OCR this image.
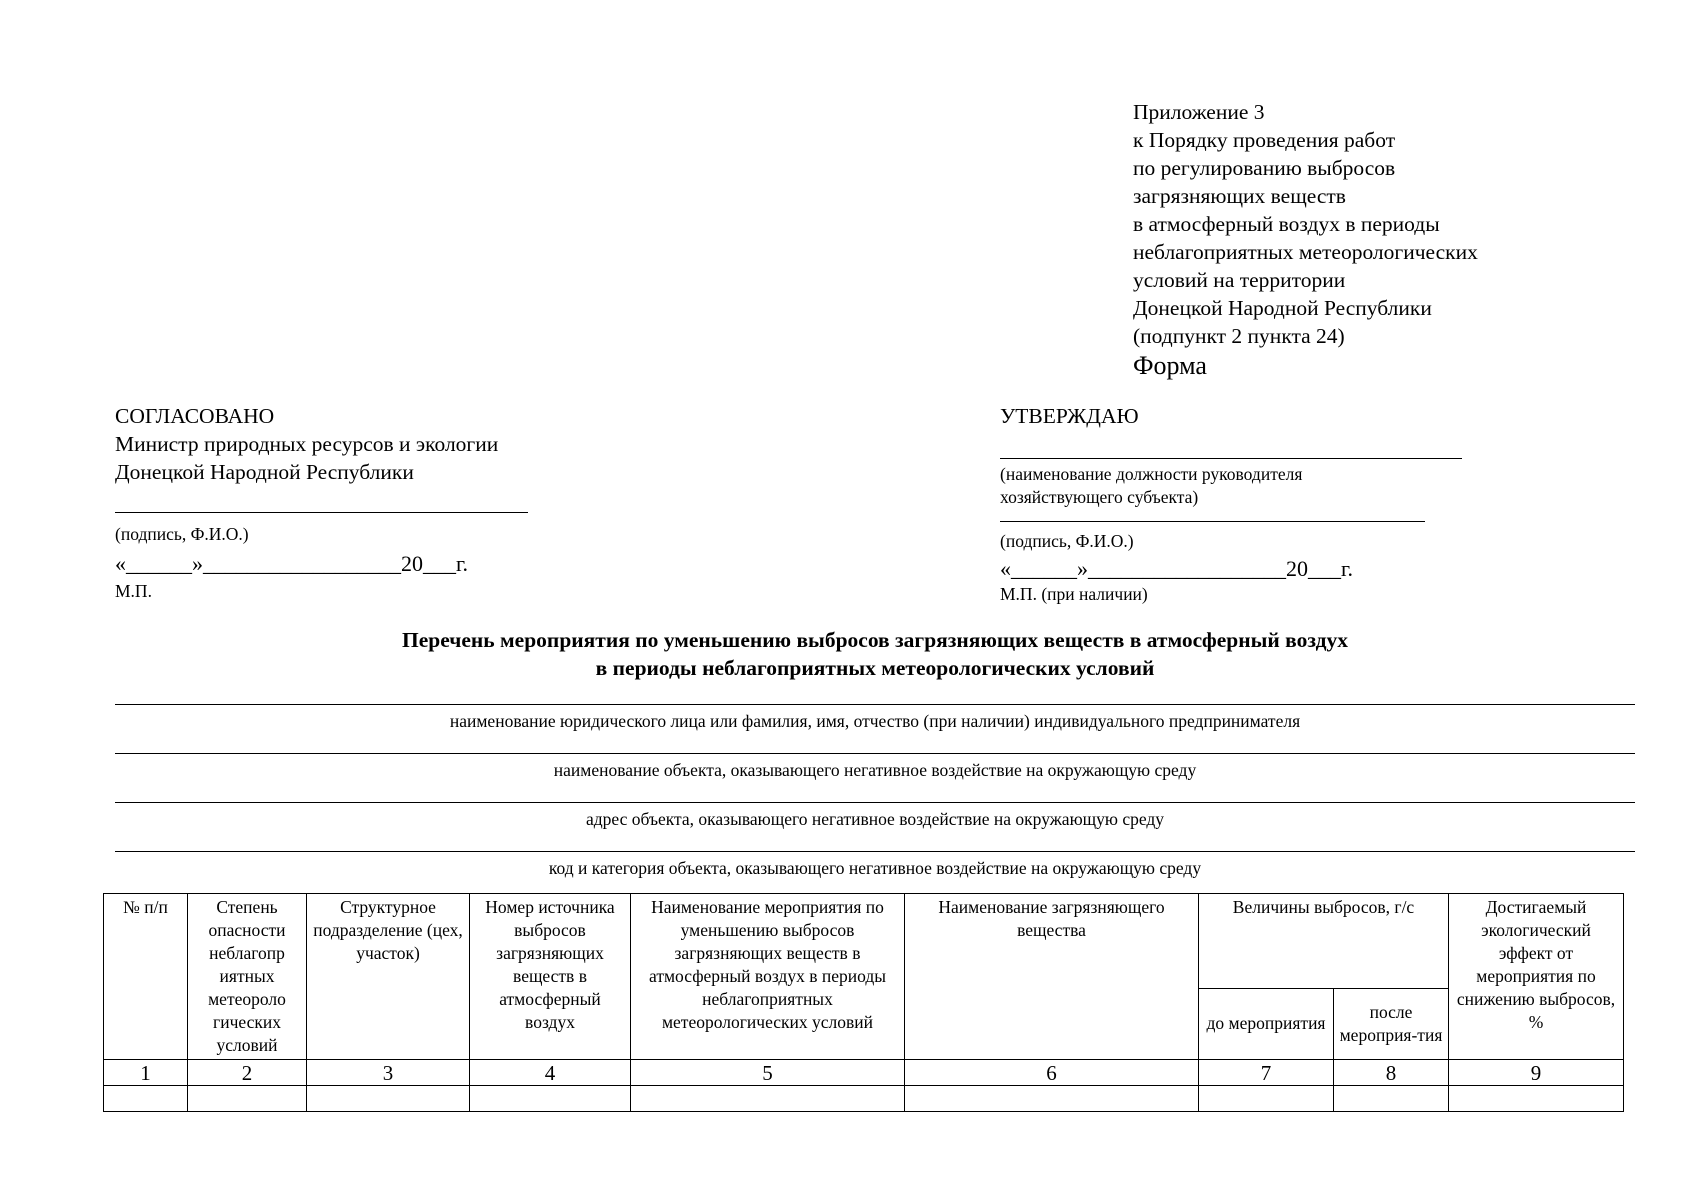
Приложение 3
к Порядку проведения работ
по регулированию выбросов
загрязняющих веществ
в атмосферный воздух в периоды
неблагоприятных метеорологических
условий на территории
Донецкой Народной Республики
(подпункт 2 пункта 24)
Форма
СОГЛАСОВАНО
Министр природных ресурсов и экологии
Донецкой Народной Республики
(подпись, Ф.И.О.)
«______»__________________20___г.
М.П.
УТВЕРЖДАЮ
(наименование должности руководителя
хозяйствующего субъекта)
(подпись, Ф.И.О.)
«______»__________________20___г.
М.П. (при наличии)
Перечень мероприятия по уменьшению выбросов загрязняющих веществ в атмосферный воздух
в периоды неблагоприятных метеорологических условий
наименование юридического лица или фамилия, имя, отчество (при наличии) индивидуального предпринимателя
наименование объекта, оказывающего негативное воздействие на окружающую среду
адрес объекта, оказывающего негативное воздействие на окружающую среду
код и категория объекта, оказывающего негативное воздействие на окружающую среду
№ п/п	Степень опасности неблагопр иятных метеороло гических условий	Структурное подразделение (цех, участок)	Номер источника выбросов загрязняющих веществ в атмосферный воздух	Наименование мероприятия по уменьшению выбросов загрязняющих веществ в атмосферный воздух в периоды неблагоприятных метеорологических условий	Наименование загрязняющего вещества	Величины выбросов, г/с		Достигаемый экологический эффект от мероприятия по снижению выбросов, %
						до мероприятия	после мероприя-тия	
1	2	3	4	5	6	7	8	9
